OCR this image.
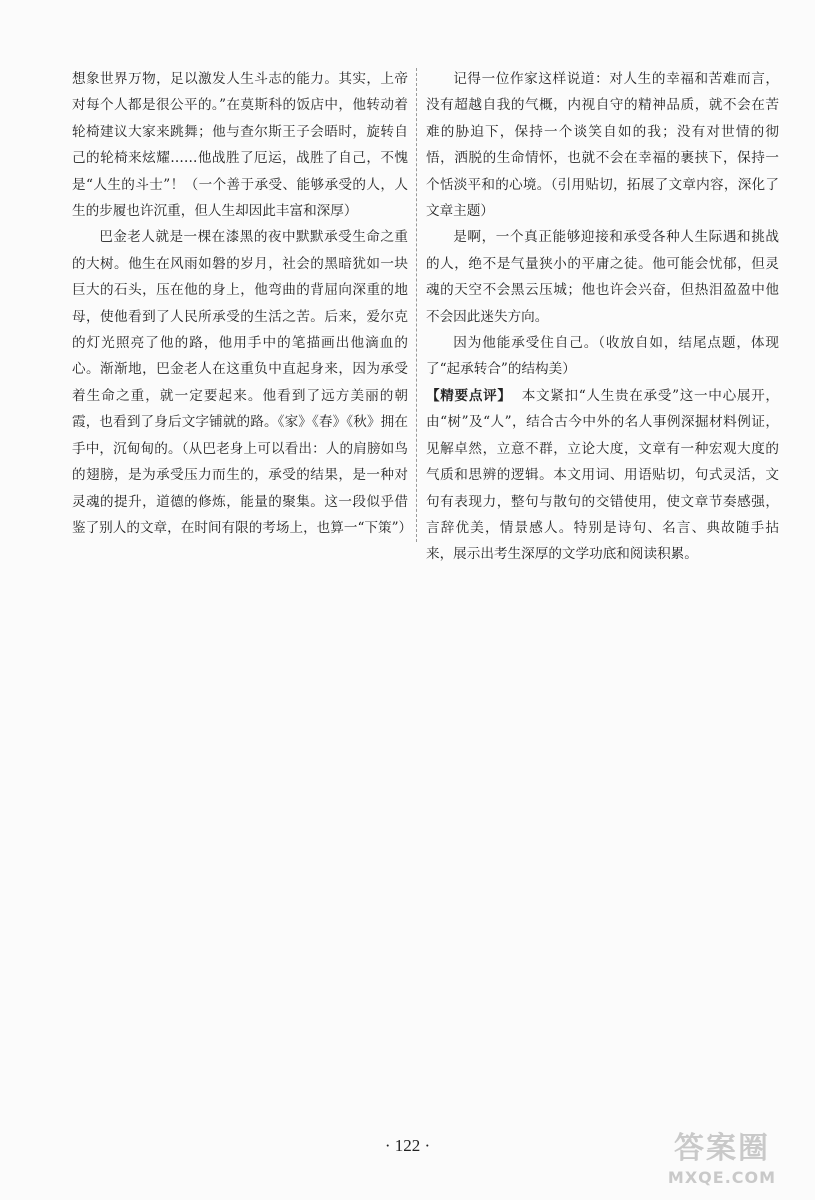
想象世界万物，足以激发人生斗志的能力。其实，上帝对每个人都是很公平的。”在莫斯科的饭店中，他转动着轮椅建议大家来跳舞；他与查尔斯王子会晤时，旋转自己的轮椅来炫耀……他战胜了厄运，战胜了自己，不愧是“人生的斗士”！（一个善于承受、能够承受的人，人生的步履也许沉重，但人生却因此丰富和深厚）

巴金老人就是一棵在漆黑的夜中默默承受生命之重的大树。他生在风雨如磐的岁月，社会的黑暗犹如一块巨大的石头，压在他的身上，他弯曲的背屈向深重的地母，使他看到了人民所承受的生活之苦。后来，爱尔克的灯光照亮了他的路，他用手中的笔描画出他滴血的心。渐渐地，巴金老人在这重负中直起身来，因为承受着生命之重，就一定要起来。他看到了远方美丽的朝霞，也看到了身后文字铺就的路。《家》《春》《秋》拥在手中，沉甸甸的。（从巴老身上可以看出：人的肩膀如鸟的翅膀，是为承受压力而生的，承受的结果，是一种对灵魂的提升，道德的修炼，能量的聚集。这一段似乎借鉴了别人的文章，在时间有限的考场上，也算一“下策”）

记得一位作家这样说道：对人生的幸福和苦难而言，没有超越自我的气概，内视自守的精神品质，就不会在苦难的胁迫下，保持一个谈笑自如的我；没有对世情的彻悟，洒脱的生命情怀，也就不会在幸福的裹挟下，保持一个恬淡平和的心境。（引用贴切，拓展了文章内容，深化了文章主题）

是啊，一个真正能够迎接和承受各种人生际遇和挑战的人，绝不是气量狭小的平庸之徒。他可能会忧郁，但灵魂的天空不会黑云压城；他也许会兴奋，但热泪盈盈中他不会因此迷失方向。

因为他能承受住自己。（收放自如，结尾点题，体现了“起承转合”的结构美）

【精要点评】 本文紧扣“人生贵在承受”这一中心展开，由“树”及“人”，结合古今中外的名人事例深掘材料例证，见解卓然，立意不群，立论大度，文章有一种宏观大度的气质和思辨的逻辑。本文用词、用语贴切，句式灵活，文句有表现力，整句与散句的交错使用，使文章节奏感强，言辞优美，情景感人。特别是诗句、名言、典故随手拈来，展示出考生深厚的文学功底和阅读积累。

· 122 ·	答案圈
MXQE.COM
